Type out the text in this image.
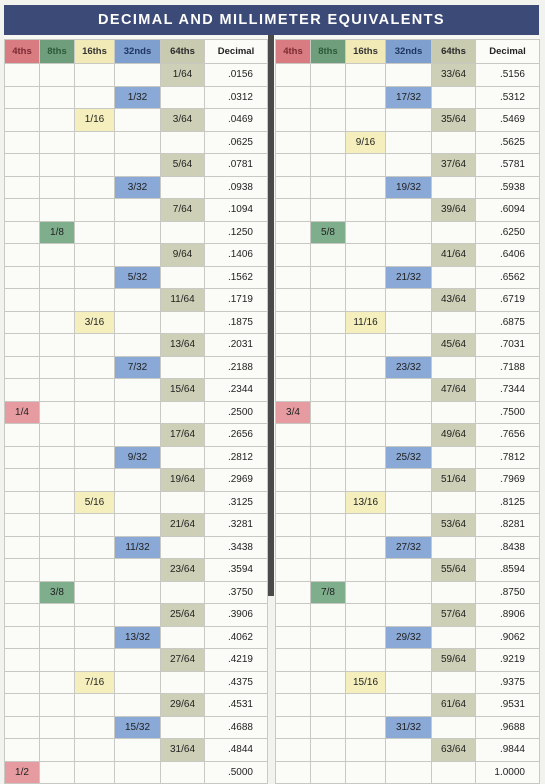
DECIMAL AND MILLIMETER EQUIVALENTS
4ths	8ths	16ths	32nds	64ths	Decimal
				1/64	.0156
			1/32		.0312
		1/16		3/64	.0469
					.0625
				5/64	.0781
			3/32		.0938
				7/64	.1094
	1/8				.1250
				9/64	.1406
			5/32		.1562
				11/64	.1719
		3/16			.1875
				13/64	.2031
			7/32		.2188
				15/64	.2344
1/4					.2500
				17/64	.2656
			9/32		.2812
				19/64	.2969
		5/16			.3125
				21/64	.3281
			11/32		.3438
				23/64	.3594
	3/8				.3750
				25/64	.3906
			13/32		.4062
				27/64	.4219
		7/16			.4375
				29/64	.4531
			15/32		.4688
				31/64	.4844
1/2					.5000
4ths	8ths	16ths	32nds	64ths	Decimal
				33/64	.5156
			17/32		.5312
				35/64	.5469
		9/16			.5625
				37/64	.5781
			19/32		.5938
				39/64	.6094
	5/8				.6250
				41/64	.6406
			21/32		.6562
				43/64	.6719
		11/16			.6875
				45/64	.7031
			23/32		.7188
				47/64	.7344
3/4					.7500
				49/64	.7656
			25/32		.7812
				51/64	.7969
		13/16			.8125
				53/64	.8281
			27/32		.8438
				55/64	.8594
	7/8				.8750
				57/64	.8906
			29/32		.9062
				59/64	.9219
		15/16			.9375
				61/64	.9531
			31/32		.9688
				63/64	.9844
					1.0000
